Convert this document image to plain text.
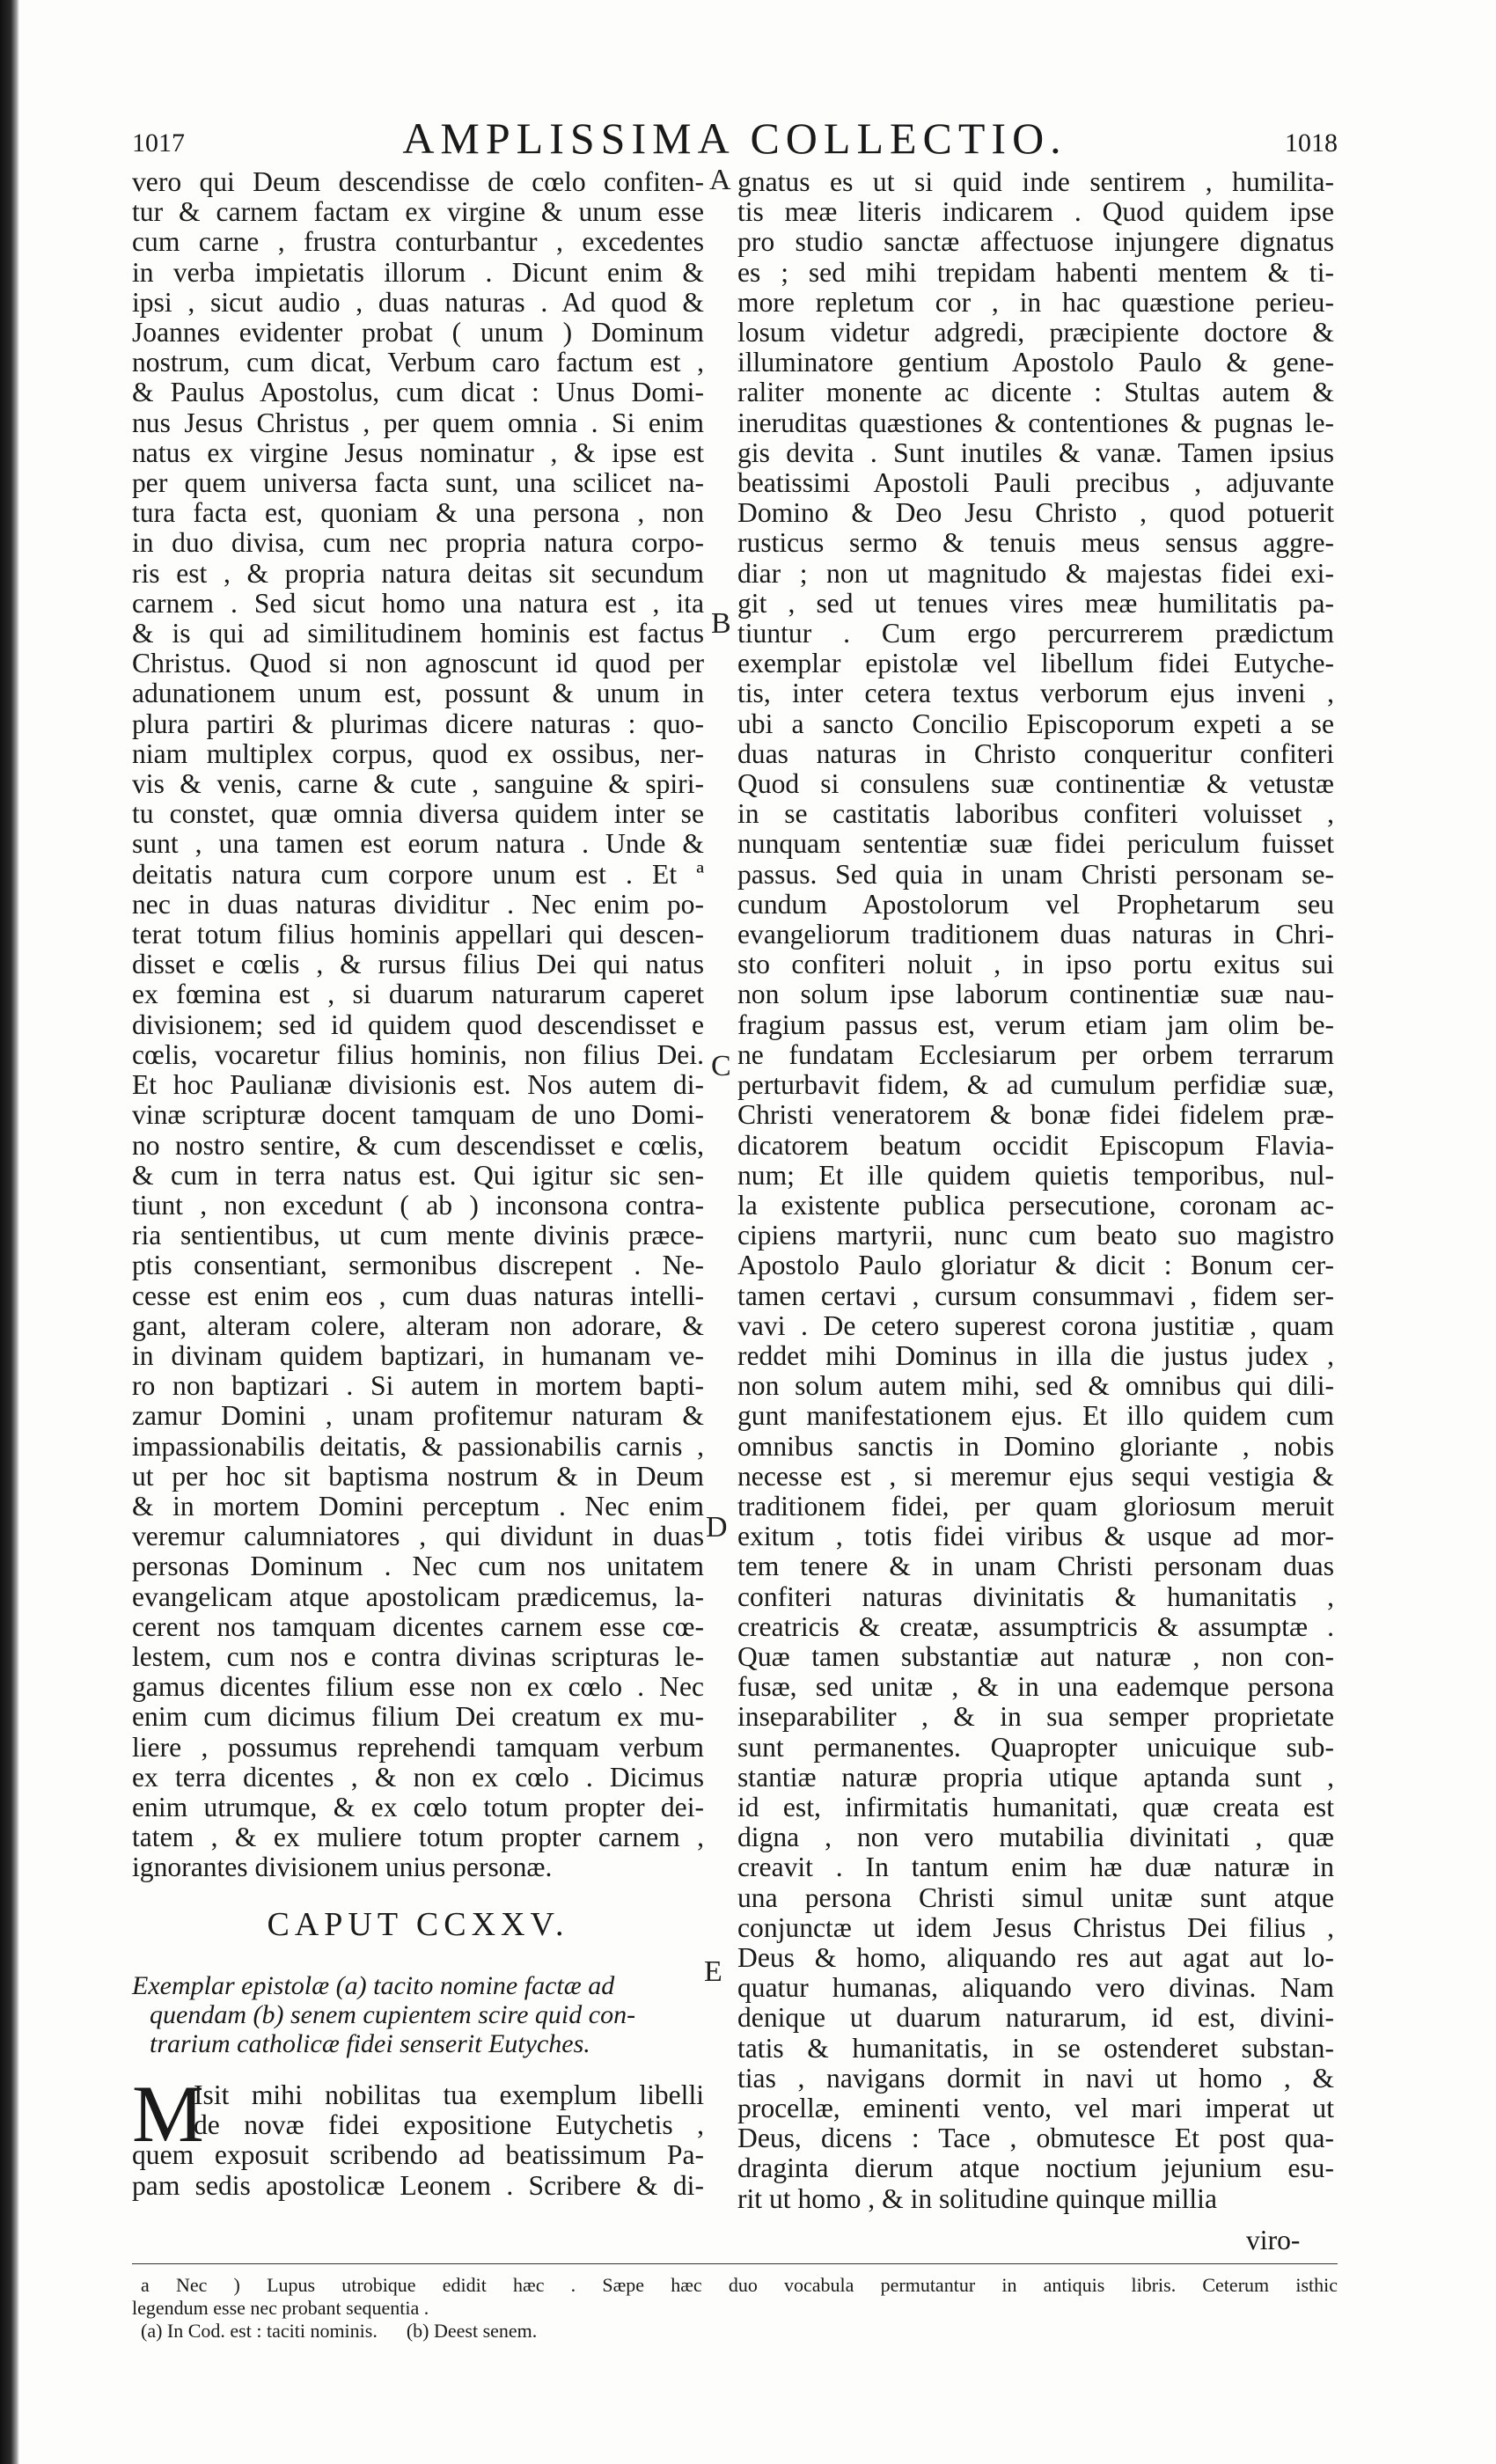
1017	AMPLISSIMA COLLECTIO.	1018
vero qui Deum descendisse de cœlo confiten-
tur & carnem factam ex virgine & unum esse
cum carne , frustra conturbantur , excedentes
in verba impietatis illorum . Dicunt enim &
ipsi , sicut audio , duas naturas . Ad quod &
Joannes evidenter probat ( unum ) Dominum
nostrum, cum dicat, Verbum caro factum est ,
& Paulus Apostolus, cum dicat : Unus Domi-
nus Jesus Christus , per quem omnia . Si enim
natus ex virgine Jesus nominatur , & ipse est
per quem universa facta sunt, una scilicet na-
tura facta est, quoniam & una persona , non
in duo divisa, cum nec propria natura corpo-
ris est , & propria natura deitas sit secundum
carnem . Sed sicut homo una natura est , ita
& is qui ad similitudinem hominis est factus
Christus. Quod si non agnoscunt id quod per
adunationem unum est, possunt & unum in
plura partiri & plurimas dicere naturas : quo-
niam multiplex corpus, quod ex ossibus, ner-
vis & venis, carne & cute , sanguine & spiri-
tu constet, quæ omnia diversa quidem inter se
sunt , una tamen est eorum natura . Unde &
deitatis natura cum corpore unum est . Et ª
nec in duas naturas dividitur . Nec enim po-
terat totum filius hominis appellari qui descen-
disset e cœlis , & rursus filius Dei qui natus
ex fœmina est , si duarum naturarum caperet
divisionem; sed id quidem quod descendisset e
cœlis, vocaretur filius hominis, non filius Dei.
Et hoc Paulianæ divisionis est. Nos autem di-
vinæ scripturæ docent tamquam de uno Domi-
no nostro sentire, & cum descendisset e cœlis,
& cum in terra natus est. Qui igitur sic sen-
tiunt , non excedunt ( ab ) inconsona contra-
ria sentientibus, ut cum mente divinis præce-
ptis consentiant, sermonibus discrepent . Ne-
cesse est enim eos , cum duas naturas intelli-
gant, alteram colere, alteram non adorare, &
in divinam quidem baptizari, in humanam ve-
ro non baptizari . Si autem in mortem bapti-
zamur Domini , unam profitemur naturam &
impassionabilis deitatis, & passionabilis carnis ,
ut per hoc sit baptisma nostrum & in Deum
& in mortem Domini perceptum . Nec enim
veremur calumniatores , qui dividunt in duas
personas Dominum . Nec cum nos unitatem
evangelicam atque apostolicam prædicemus, la-
cerent nos tamquam dicentes carnem esse cœ-
lestem, cum nos e contra divinas scripturas le-
gamus dicentes filium esse non ex cœlo . Nec
enim cum dicimus filium Dei creatum ex mu-
liere , possumus reprehendi tamquam verbum
ex terra dicentes , & non ex cœlo . Dicimus
enim utrumque, & ex cœlo totum propter dei-
tatem , & ex muliere totum propter carnem ,
ignorantes divisionem unius personæ.
gnatus es ut si quid inde sentirem , humilita-
tis meæ literis indicarem . Quod quidem ipse
pro studio sanctæ affectuose injungere dignatus
es ; sed mihi trepidam habenti mentem & ti-
more repletum cor , in hac quæstione perieu-
losum videtur adgredi, præcipiente doctore &
illuminatore gentium Apostolo Paulo & gene-
raliter monente ac dicente : Stultas autem &
ineruditas quæstiones & contentiones & pugnas le-
gis devita . Sunt inutiles & vanæ. Tamen ipsius
beatissimi Apostoli Pauli precibus , adjuvante
Domino & Deo Jesu Christo , quod potuerit
rusticus sermo & tenuis meus sensus aggre-
diar ; non ut magnitudo & majestas fidei exi-
git , sed ut tenues vires meæ humilitatis pa-
tiuntur . Cum ergo percurrerem prædictum
exemplar epistolæ vel libellum fidei Eutyche-
tis, inter cetera textus verborum ejus inveni ,
ubi a sancto Concilio Episcoporum expeti a se
duas naturas in Christo conqueritur confiteri
Quod si consulens suæ continentiæ & vetustæ
in se castitatis laboribus confiteri voluisset ,
nunquam sententiæ suæ fidei periculum fuisset
passus. Sed quia in unam Christi personam se-
cundum Apostolorum vel Prophetarum seu
evangeliorum traditionem duas naturas in Chri-
sto confiteri noluit , in ipso portu exitus sui
non solum ipse laborum continentiæ suæ nau-
fragium passus est, verum etiam jam olim be-
ne fundatam Ecclesiarum per orbem terrarum
perturbavit fidem, & ad cumulum perfidiæ suæ,
Christi veneratorem & bonæ fidei fidelem præ-
dicatorem beatum occidit Episcopum Flavia-
num; Et ille quidem quietis temporibus, nul-
la existente publica persecutione, coronam ac-
cipiens martyrii, nunc cum beato suo magistro
Apostolo Paulo gloriatur & dicit : Bonum cer-
tamen certavi , cursum consummavi , fidem ser-
vavi . De cetero superest corona justitiæ , quam
reddet mihi Dominus in illa die justus judex ,
non solum autem mihi, sed & omnibus qui dili-
gunt manifestationem ejus. Et illo quidem cum
omnibus sanctis in Domino gloriante , nobis
necesse est , si meremur ejus sequi vestigia &
traditionem fidei, per quam gloriosum meruit
exitum , totis fidei viribus & usque ad mor-
tem tenere & in unam Christi personam duas
confiteri naturas divinitatis & humanitatis ,
creatricis & creatæ, assumptricis & assumptæ .
Quæ tamen substantiæ aut naturæ , non con-
fusæ, sed unitæ , & in una eademque persona
inseparabiliter , & in sua semper proprietate
sunt permanentes. Quapropter unicuique sub-
stantiæ naturæ propria utique aptanda sunt ,
id est, infirmitatis humanitati, quæ creata est
digna , non vero mutabilia divinitati , quæ
creavit . In tantum enim hæ duæ naturæ in
una persona Christi simul unitæ sunt atque
conjunctæ ut idem Jesus Christus Dei filius ,
Deus & homo, aliquando res aut agat aut lo-
quatur humanas, aliquando vero divinas. Nam
denique ut duarum naturarum, id est, divini-
tatis & humanitatis, in se ostenderet substan-
tias , navigans dormit in navi ut homo , &
procellæ, eminenti vento, vel mari imperat ut
Deus, dicens : Tace , obmutesce Et post qua-
draginta dierum atque noctium jejunium esu-
rit ut homo , & in solitudine quinque millia
A
B
C
D
E
CAPUT CCXXV.
Exemplar epistolæ (a) tacito nomine factæ ad
quendam (b) senem cupientem scire quid con-
trarium catholicæ fidei senserit Eutyches.
M
Isit mihi nobilitas tua exemplum libelli
de novæ fidei expositione Eutychetis ,
quem exposuit scribendo ad beatissimum Pa-
pam sedis apostolicæ Leonem . Scribere & di-
viro-
a Nec ) Lupus utrobique edidit hæc . Sæpe hæc duo vocabula permutantur in antiquis libris. Ceterum isthic
legendum esse nec probant sequentia .
(a) In Cod. est : taciti nominis.      (b) Deest senem.
